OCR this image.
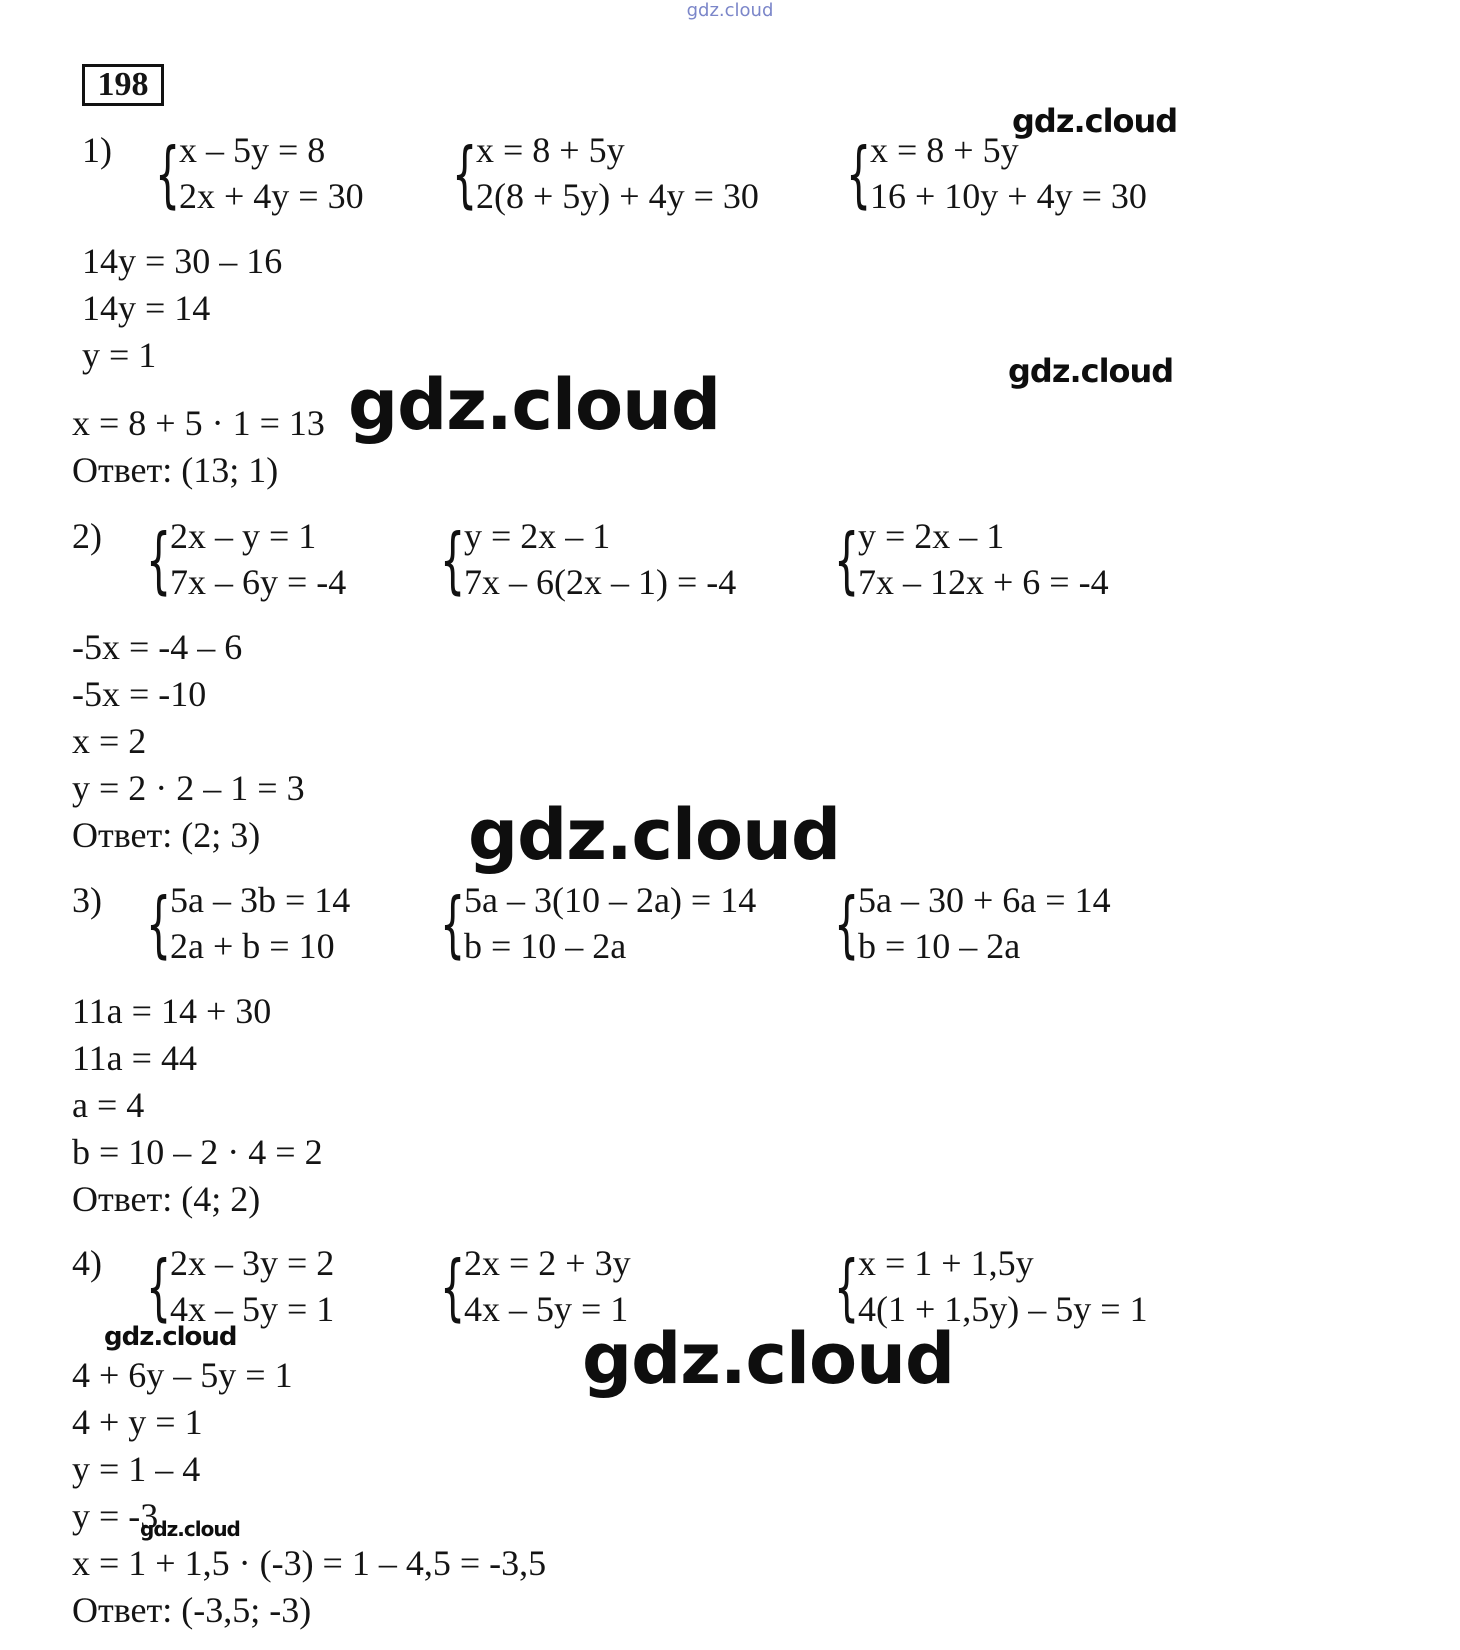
gdz.cloud
198
1) {
x – 5y = 8
2x + 4y = 30 {
x = 8 + 5y
2(8 + 5y) + 4y = 30 {
x = 8 + 5y
16 + 10y + 4y = 30
14y = 30 – 16
14y = 14
y = 1
x = 8 + 5 · 1 = 13
Ответ: (13; 1)
2) {
2x – y = 1
7x – 6y = -4 {
y = 2x – 1
7x – 6(2x – 1) = -4 {
y = 2x – 1
7x – 12x + 6 = -4
-5x = -4 – 6
-5x = -10
x = 2
y = 2 · 2 – 1 = 3
Ответ: (2; 3)
3) {
5a – 3b = 14
2a + b = 10 {
5a – 3(10 – 2a) = 14
b = 10 – 2a	{
5a – 30 + 6a = 14
b = 10 – 2a
11a = 14 + 30
11a = 44
a = 4
b = 10 – 2 · 4 = 2
Ответ: (4; 2)
4) {
2x – 3y = 2
4x – 5y = 1 {
2x = 2 + 3y
4x – 5y = 1	{
x = 1 + 1,5y
4(1 + 1,5y) – 5y = 1
4 + 6y – 5y = 1
4 + y = 1
y = 1 – 4
y = -3
x = 1 + 1,5 · (-3) = 1 – 4,5 = -3,5
Ответ: (-3,5; -3)
gdz.cloud
gdz.cloud
gdz.cloud
gdz.cloud
gdz.cloud	gdz.cloud
gdz.cloud
